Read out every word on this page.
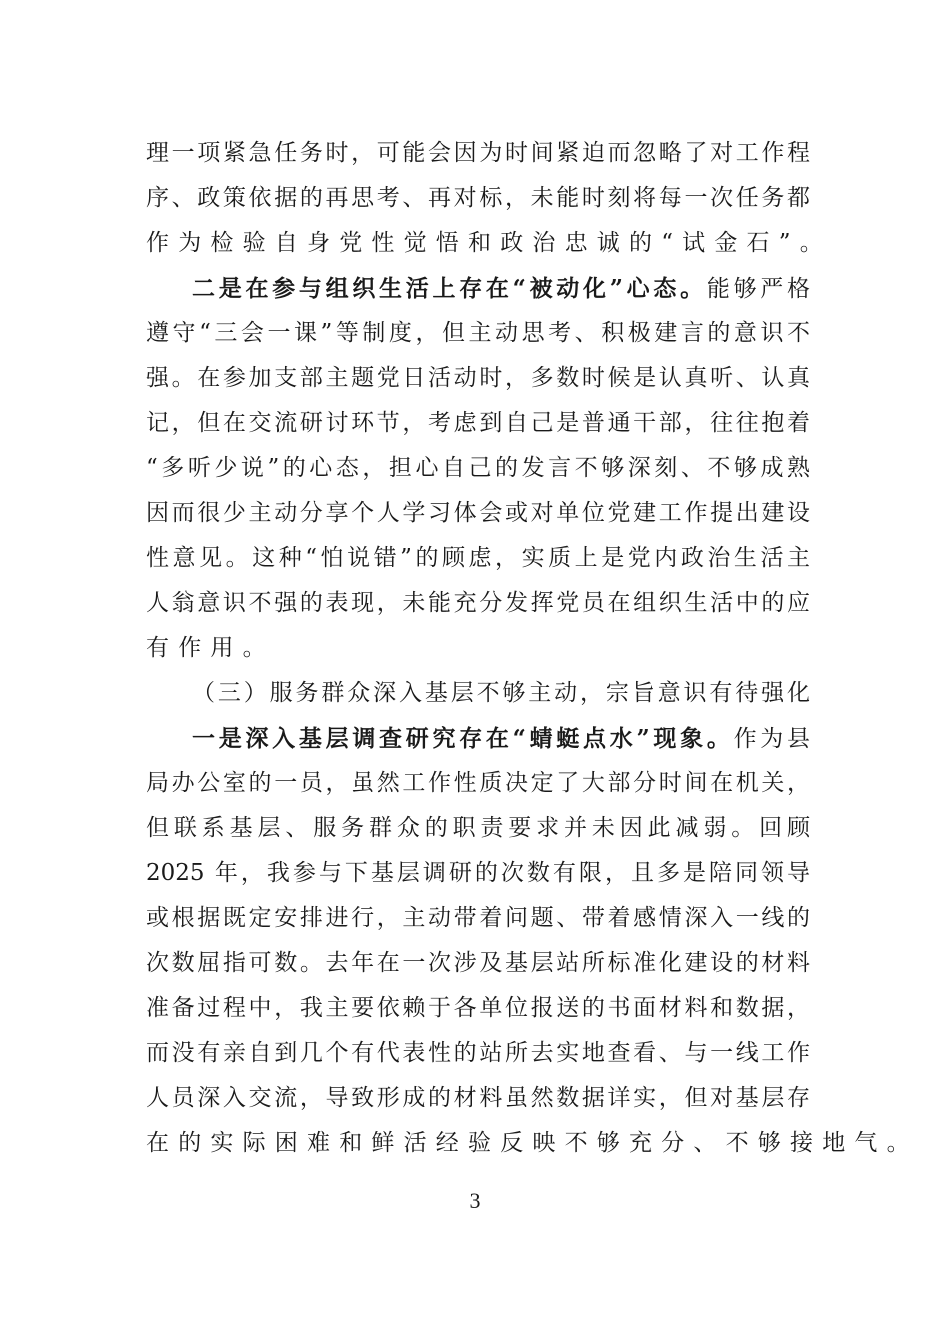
理一项紧急任务时，可能会因为时间紧迫而忽略了对工作程
序、政策依据的再思考、再对标，未能时刻将每一次任务都
作为检验自身党性觉悟和政治忠诚的“试金石”。
二是在参与组织生活上存在“被动化”心态。能够严格
遵守“三会一课”等制度，但主动思考、积极建言的意识不
强。在参加支部主题党日活动时，多数时候是认真听、认真
记，但在交流研讨环节，考虑到自己是普通干部，往往抱着
“多听少说”的心态，担心自己的发言不够深刻、不够成熟
因而很少主动分享个人学习体会或对单位党建工作提出建设
性意见。这种“怕说错”的顾虑，实质上是党内政治生活主
人翁意识不强的表现，未能充分发挥党员在组织生活中的应
有作用。
（三）服务群众深入基层不够主动，宗旨意识有待强化
一是深入基层调查研究存在“蜻蜓点水”现象。作为县
局办公室的一员，虽然工作性质决定了大部分时间在机关，
但联系基层、服务群众的职责要求并未因此减弱。回顾
2025 年，我参与下基层调研的次数有限，且多是陪同领导
或根据既定安排进行，主动带着问题、带着感情深入一线的
次数屈指可数。去年在一次涉及基层站所标准化建设的材料
准备过程中，我主要依赖于各单位报送的书面材料和数据，
而没有亲自到几个有代表性的站所去实地查看、与一线工作
人员深入交流，导致形成的材料虽然数据详实，但对基层存
在的实际困难和鲜活经验反映不够充分、不够接地气。
3
